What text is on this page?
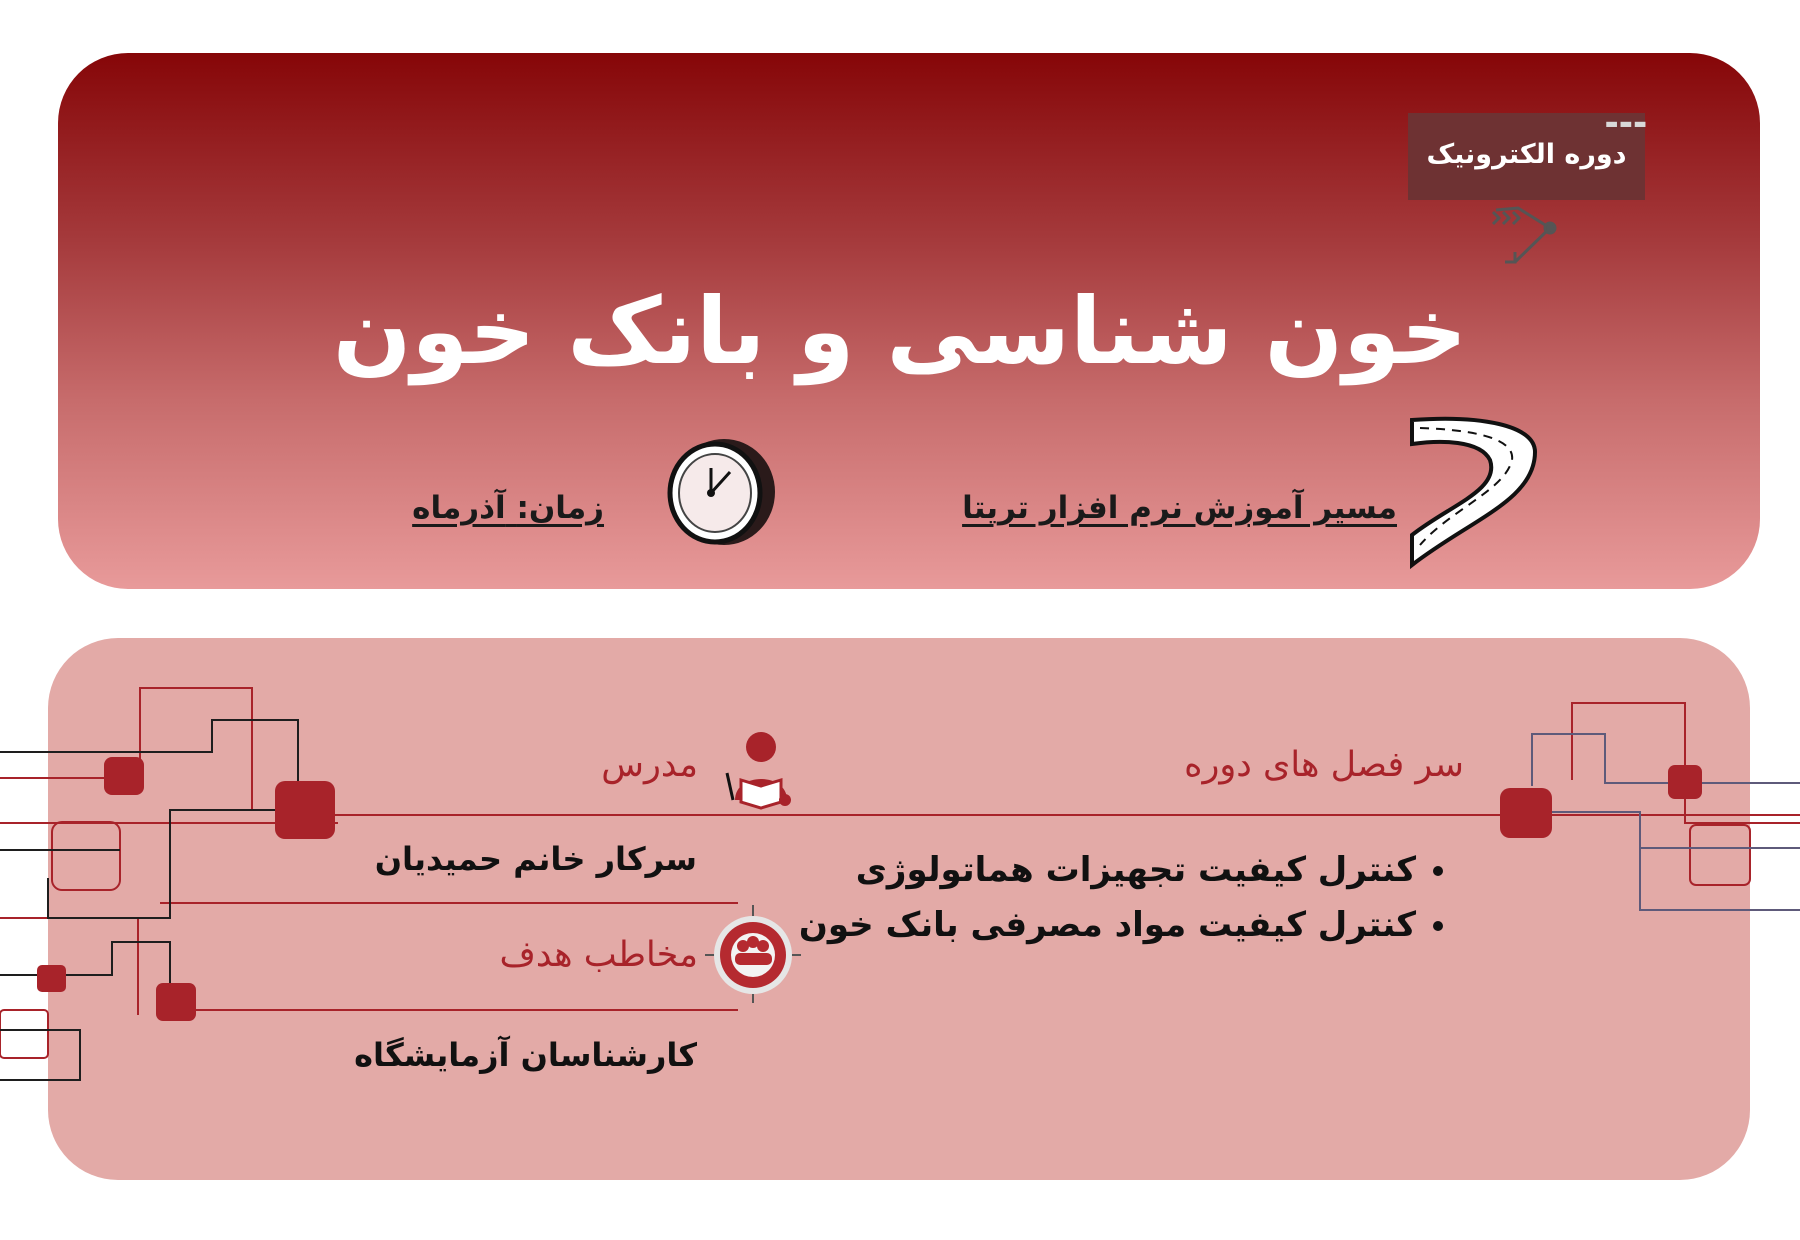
دوره الکترونیک
▬▬▬
خون شناسی و بانک خون
مسیر آموزش نرم افزار تریتا
زمان: آذرماه
سر فصل های دوره
• کنترل کیفیت تجهیزات هماتولوژی
• کنترل کیفیت مواد مصرفی بانک خون
مدرس
سرکار خانم حمیدیان
مخاطب هدف
کارشناسان آزمایشگاه
